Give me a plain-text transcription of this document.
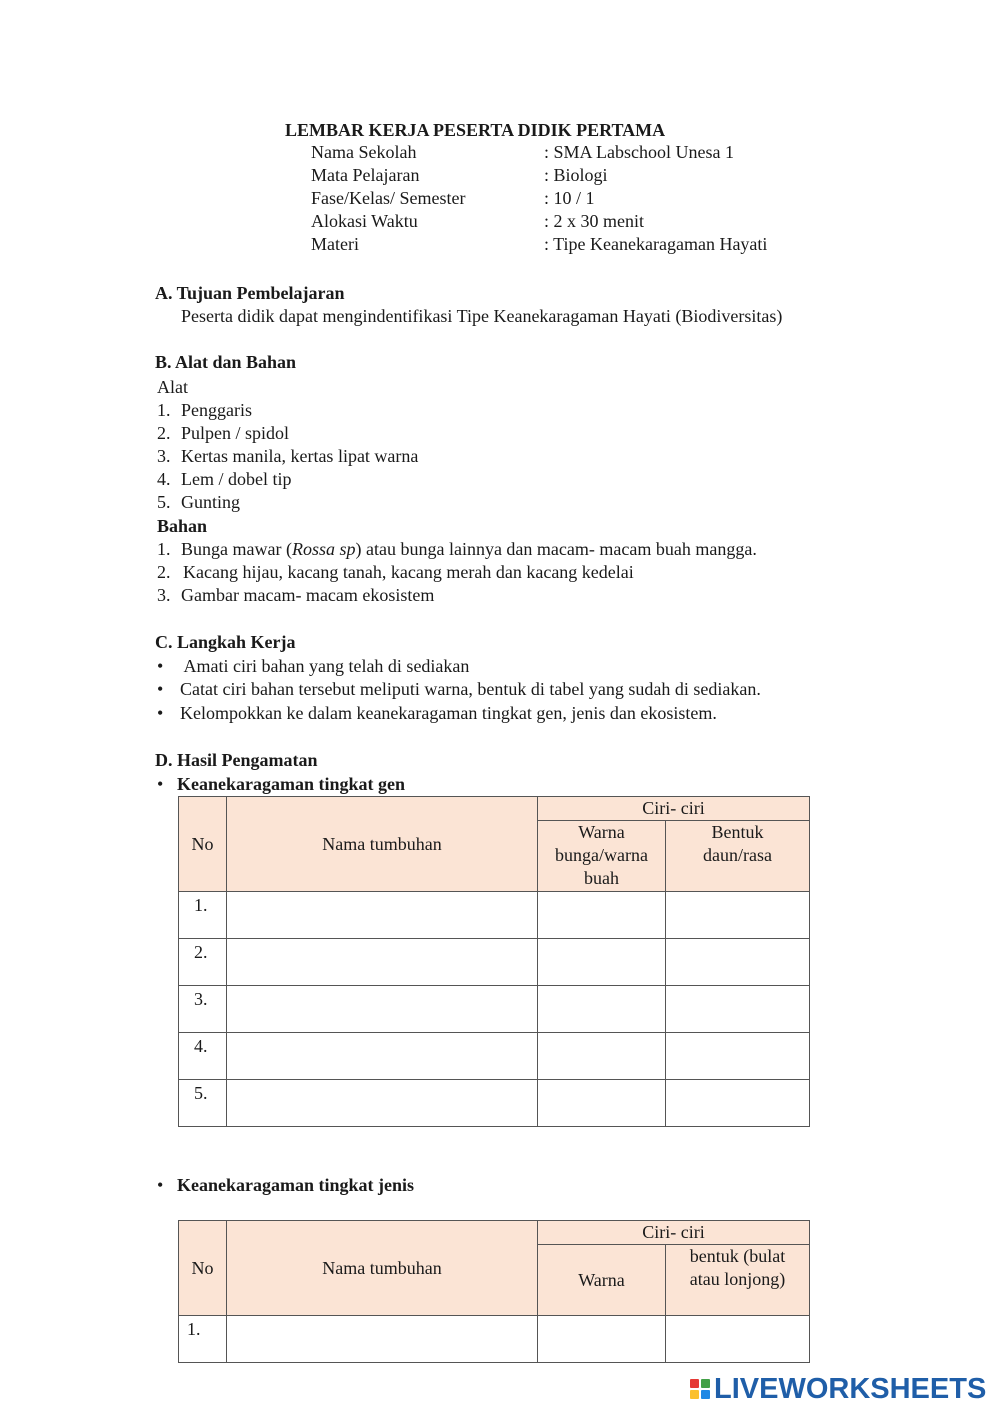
LEMBAR KERJA PESERTA DIDIK PERTAMA
Nama Sekolah	: SMA Labschool Unesa 1
Mata Pelajaran	: Biologi
Fase/Kelas/ Semester	: 10 / 1
Alokasi Waktu	: 2 x 30 menit
Materi	: Tipe Keanekaragaman Hayati
A. Tujuan Pembelajaran
Peserta didik dapat mengindentifikasi Tipe Keanekaragaman Hayati (Biodiversitas)
B. Alat dan Bahan
Alat
1. Penggaris
2. Pulpen / spidol
3. Kertas manila, kertas lipat warna
4. Lem / dobel tip
5. Gunting
Bahan
1. Bunga mawar (Rossa sp) atau bunga lainnya dan macam- macam buah mangga.
2. Kacang hijau, kacang tanah, kacang merah dan kacang kedelai
3. Gambar macam- macam ekosistem
C. Langkah Kerja
• Amati ciri bahan yang telah di sediakan
• Catat ciri bahan tersebut meliputi warna, bentuk di tabel yang sudah di sediakan.
• Kelompokkan ke dalam keanekaragaman tingkat gen, jenis dan ekosistem.
D. Hasil Pengamatan
• Keanekaragaman tingkat gen
No	Nama tumbuhan	Ciri- ciri	
		Warna bunga/warna buah	Bentuk daun/rasa
1.			
2.			
3.			
4.			
5.			
• Keanekaragaman tingkat jenis
No	Nama tumbuhan	Ciri- ciri	
		Warna	bentuk (bulat atau lonjong)
1.			
LIVEWORKSHEETS
